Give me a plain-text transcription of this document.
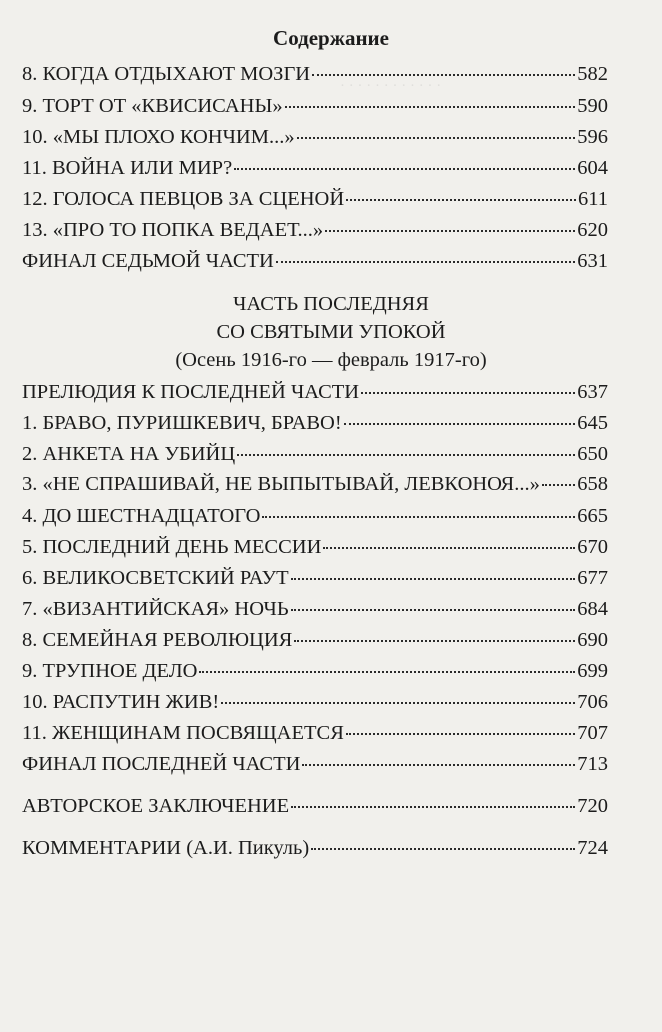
Содержание
· · · · · · · · · · · ·
8. КОГДА ОТДЫХАЮТ МОЗГИ	582
9. ТОРТ ОТ «КВИСИСАНЫ»	590
10. «МЫ ПЛОХО КОНЧИМ...»	596
11. ВОЙНА ИЛИ МИР?	604
12. ГОЛОСА ПЕВЦОВ ЗА СЦЕНОЙ	611
13. «ПРО ТО ПОПКА ВЕДАЕТ...»	620
ФИНАЛ СЕДЬМОЙ ЧАСТИ	631
ЧАСТЬ ПОСЛЕДНЯЯ
СО СВЯТЫМИ УПОКОЙ
(Осень 1916-го — февраль 1917-го)
ПРЕЛЮДИЯ К ПОСЛЕДНЕЙ ЧАСТИ	637
1. БРАВО, ПУРИШКЕВИЧ, БРАВО!	645
2. АНКЕТА НА УБИЙЦ	650
3. «НЕ СПРАШИВАЙ, НЕ ВЫПЫТЫВАЙ, ЛЕВКОНОЯ...» 658
4. ДО ШЕСТНАДЦАТОГО	665
5. ПОСЛЕДНИЙ ДЕНЬ МЕССИИ	670
6. ВЕЛИКОСВЕТСКИЙ РАУТ	677
7. «ВИЗАНТИЙСКАЯ» НОЧЬ	684
8. СЕМЕЙНАЯ РЕВОЛЮЦИЯ	690
9. ТРУПНОЕ ДЕЛО	699
10. РАСПУТИН ЖИВ!	706
11. ЖЕНЩИНАМ ПОСВЯЩАЕТСЯ	707
ФИНАЛ ПОСЛЕДНЕЙ ЧАСТИ	713
АВТОРСКОЕ ЗАКЛЮЧЕНИЕ	720
КОММЕНТАРИИ (А.И. Пикуль)	724
